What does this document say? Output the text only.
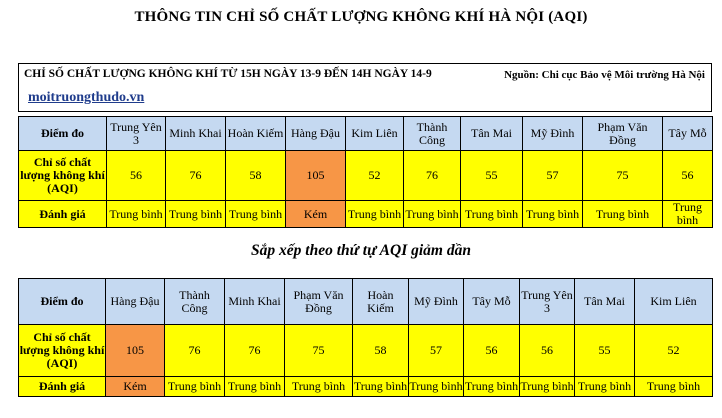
THÔNG TIN CHỈ SỐ CHẤT LƯỢNG KHÔNG KHÍ HÀ NỘI (AQI)
CHỈ SỐ CHẤT LƯỢNG KHÔNG KHÍ TỪ 15H NGÀY 13-9 ĐẾN 14H NGÀY 14-9	Nguồn: Chi cục Bảo vệ Môi trường Hà Nội
moitruongthudo.vn
Điểm đo	Trung Yên 3	Minh Khai	Hoàn Kiếm	Hàng Đậu	Kim Liên	Thành Công	Tân Mai	Mỹ Đình	Phạm Văn Đồng	Tây Mỗ
Chỉ số chất lượng không khí (AQI)	56	76	58	105	52	76	55	57	75	56
Đánh giá	Trung bình	Trung bình	Trung bình	Kém	Trung bình	Trung bình	Trung bình	Trung bình	Trung bình	Trung bình
Sắp xếp theo thứ tự AQI giảm dần
Điểm đo	Hàng Đậu	Thành Công	Minh Khai	Phạm Văn Đồng	Hoàn Kiếm	Mỹ Đình	Tây Mỗ	Trung Yên 3	Tân Mai	Kim Liên
Chỉ số chất lượng không khí (AQI)	105	76	76	75	58	57	56	56	55	52
Đánh giá	Kém	Trung bình	Trung bình	Trung bình	Trung bình	Trung bình	Trung bình	Trung bình	Trung bình	Trung bình
